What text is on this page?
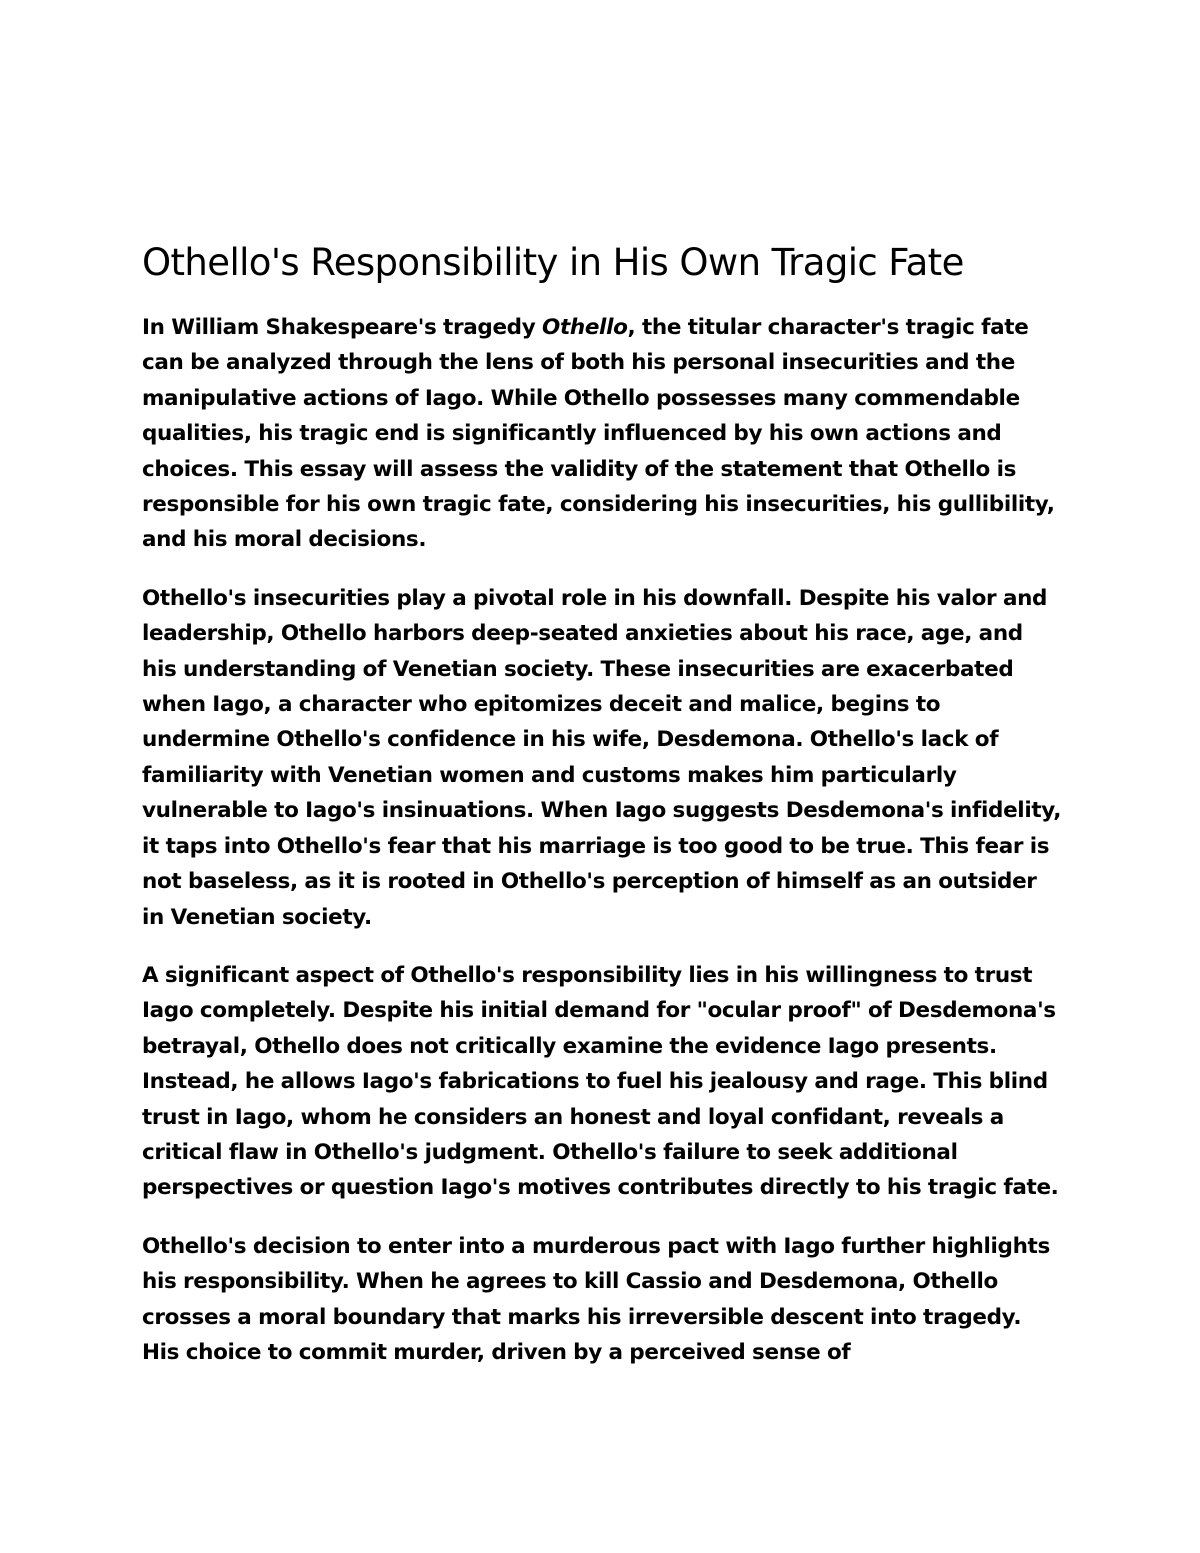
Othello's Responsibility in His Own Tragic Fate

In William Shakespeare's tragedy Othello, the titular character's tragic fate can be analyzed through the lens of both his personal insecurities and the manipulative actions of Iago. While Othello possesses many commendable qualities, his tragic end is significantly influenced by his own actions and choices. This essay will assess the validity of the statement that Othello is responsible for his own tragic fate, considering his insecurities, his gullibility, and his moral decisions.

Othello's insecurities play a pivotal role in his downfall. Despite his valor and leadership, Othello harbors deep-seated anxieties about his race, age, and his understanding of Venetian society. These insecurities are exacerbated when Iago, a character who epitomizes deceit and malice, begins to undermine Othello's confidence in his wife, Desdemona. Othello's lack of familiarity with Venetian women and customs makes him particularly vulnerable to Iago's insinuations. When Iago suggests Desdemona's infidelity, it taps into Othello's fear that his marriage is too good to be true. This fear is not baseless, as it is rooted in Othello's perception of himself as an outsider in Venetian society.

A significant aspect of Othello's responsibility lies in his willingness to trust Iago completely. Despite his initial demand for "ocular proof" of Desdemona's betrayal, Othello does not critically examine the evidence Iago presents. Instead, he allows Iago's fabrications to fuel his jealousy and rage. This blind trust in Iago, whom he considers an honest and loyal confidant, reveals a critical flaw in Othello's judgment. Othello's failure to seek additional perspectives or question Iago's motives contributes directly to his tragic fate.

Othello's decision to enter into a murderous pact with Iago further highlights his responsibility. When he agrees to kill Cassio and Desdemona, Othello crosses a moral boundary that marks his irreversible descent into tragedy. His choice to commit murder, driven by a perceived sense of
